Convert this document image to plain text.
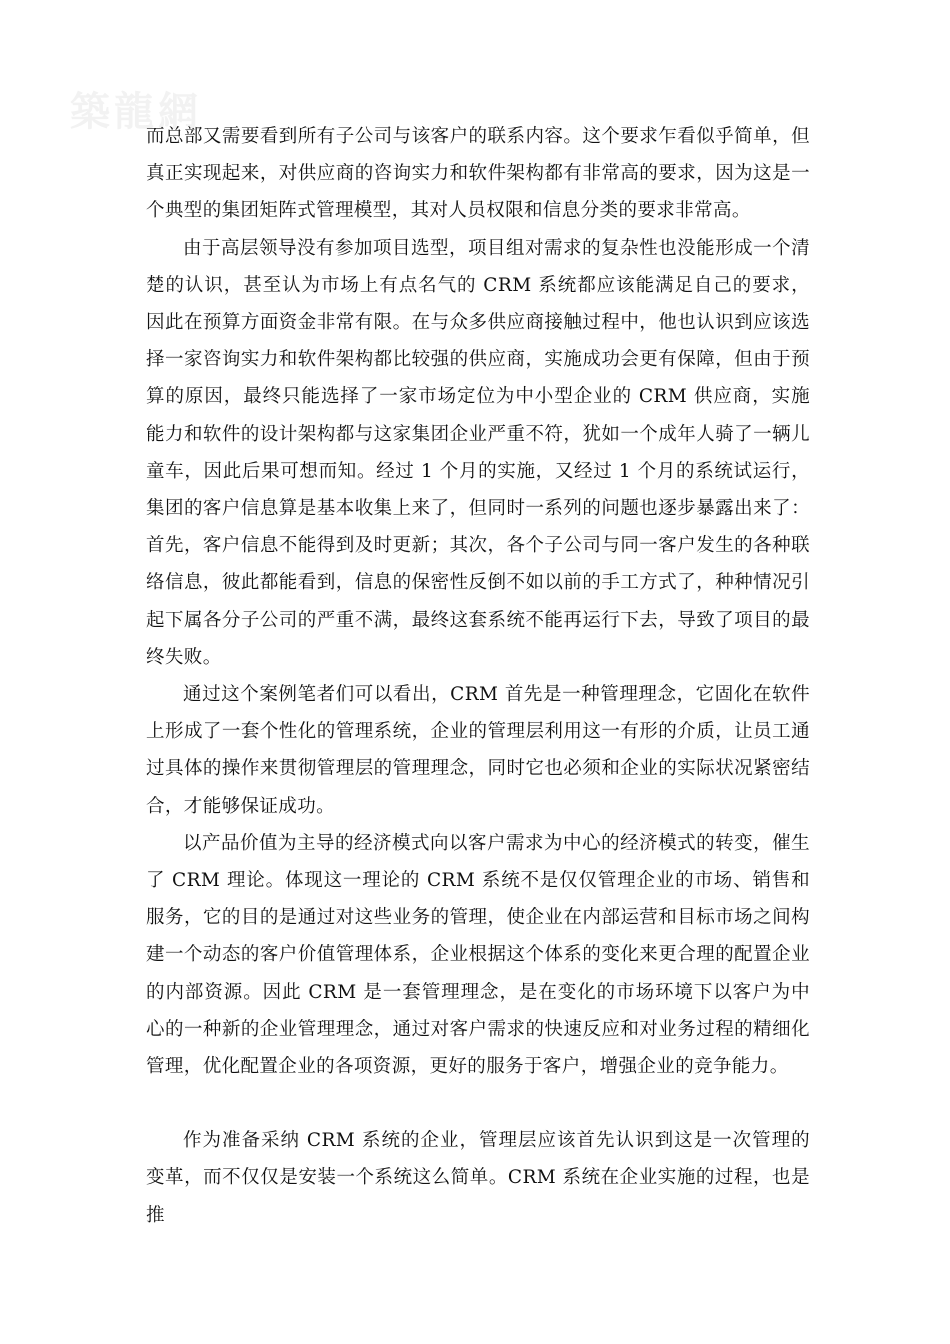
築龍網

而总部又需要看到所有子公司与该客户的联系内容。这个要求乍看似乎简单，但真正实现起来，对供应商的咨询实力和软件架构都有非常高的要求，因为这是一个典型的集团矩阵式管理模型，其对人员权限和信息分类的要求非常高。

由于高层领导没有参加项目选型，项目组对需求的复杂性也没能形成一个清楚的认识，甚至认为市场上有点名气的 CRM 系统都应该能满足自己的要求，因此在预算方面资金非常有限。在与众多供应商接触过程中，他也认识到应该选择一家咨询实力和软件架构都比较强的供应商，实施成功会更有保障，但由于预算的原因，最终只能选择了一家市场定位为中小型企业的 CRM 供应商，实施能力和软件的设计架构都与这家集团企业严重不符，犹如一个成年人骑了一辆儿童车，因此后果可想而知。经过 1 个月的实施，又经过 1 个月的系统试运行，集团的客户信息算是基本收集上来了，但同时一系列的问题也逐步暴露出来了：首先，客户信息不能得到及时更新；其次，各个子公司与同一客户发生的各种联络信息，彼此都能看到，信息的保密性反倒不如以前的手工方式了，种种情况引起下属各分子公司的严重不满，最终这套系统不能再运行下去，导致了项目的最终失败。

通过这个案例笔者们可以看出，CRM 首先是一种管理理念，它固化在软件上形成了一套个性化的管理系统，企业的管理层利用这一有形的介质，让员工通过具体的操作来贯彻管理层的管理理念，同时它也必须和企业的实际状况紧密结合，才能够保证成功。

以产品价值为主导的经济模式向以客户需求为中心的经济模式的转变，催生了 CRM 理论。体现这一理论的 CRM 系统不是仅仅管理企业的市场、销售和服务，它的目的是通过对这些业务的管理，使企业在内部运营和目标市场之间构建一个动态的客户价值管理体系，企业根据这个体系的变化来更合理的配置企业的内部资源。因此 CRM 是一套管理理念，是在变化的市场环境下以客户为中心的一种新的企业管理理念，通过对客户需求的快速反应和对业务过程的精细化管理，优化配置企业的各项资源，更好的服务于客户，增强企业的竞争能力。

作为准备采纳 CRM 系统的企业，管理层应该首先认识到这是一次管理的变革，而不仅仅是安装一个系统这么简单。CRM 系统在企业实施的过程，也是推
